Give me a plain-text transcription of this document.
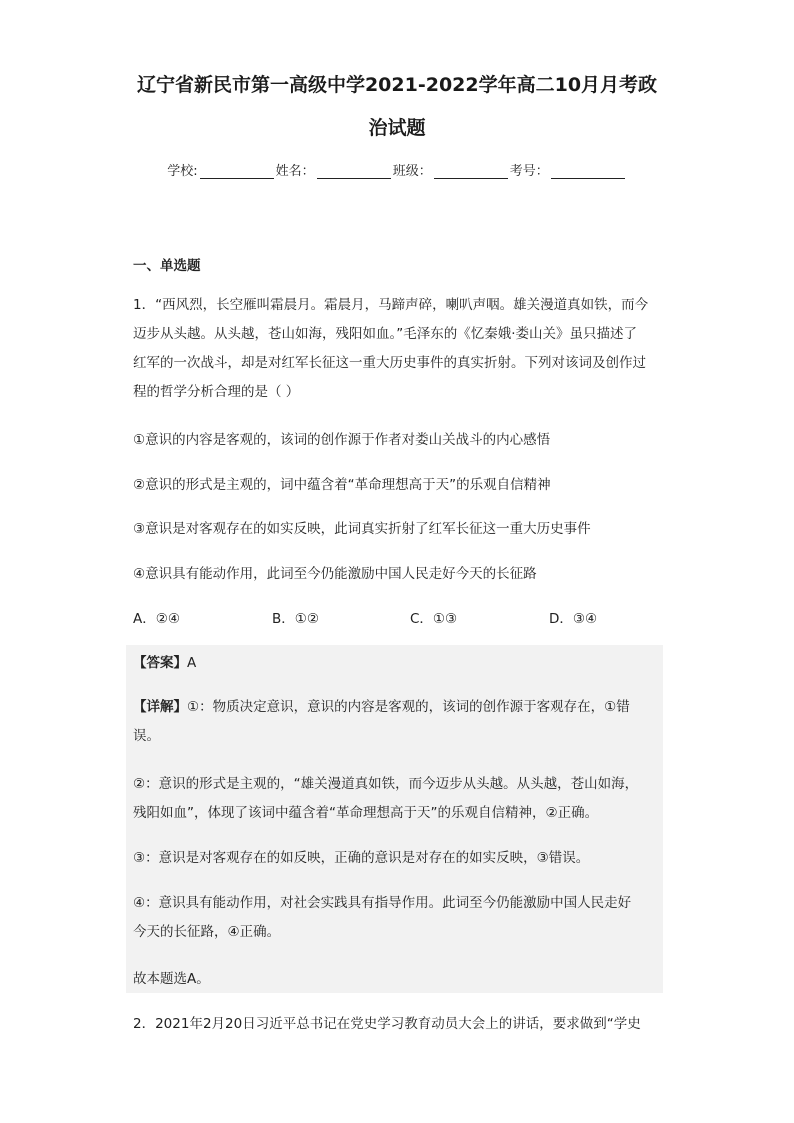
辽宁省新民市第一高级中学2021-2022学年高二10月月考政
治试题
学校:	姓名：	班级：	考号：
一、单选题
1．“西风烈，长空雁叫霜晨月。霜晨月，马蹄声碎，喇叭声咽。雄关漫道真如铁，而今
迈步从头越。从头越，苍山如海，残阳如血。”毛泽东的《忆秦娥·娄山关》虽只描述了
红军的一次战斗，却是对红军长征这一重大历史事件的真实折射。下列对该词及创作过
程的哲学分析合理的是（ ）
①意识的内容是客观的，该词的创作源于作者对娄山关战斗的内心感悟
②意识的形式是主观的，词中蕴含着“革命理想高于天”的乐观自信精神
③意识是对客观存在的如实反映，此词真实折射了红军长征这一重大历史事件
④意识具有能动作用，此词至今仍能激励中国人民走好今天的长征路
A．②④	B．①②	C．①③	D．③④
【答案】A
【详解】①：物质决定意识，意识的内容是客观的，该词的创作源于客观存在，①错
误。
②：意识的形式是主观的，“雄关漫道真如铁，而今迈步从头越。从头越，苍山如海，
残阳如血”，体现了该词中蕴含着“革命理想高于天”的乐观自信精神，②正确。
③：意识是对客观存在的如反映，正确的意识是对存在的如实反映，③错误。
④：意识具有能动作用，对社会实践具有指导作用。此词至今仍能激励中国人民走好
今天的长征路，④正确。
故本题选A。
2．2021年2月20日习近平总书记在党史学习教育动员大会上的讲话，要求做到“学史
